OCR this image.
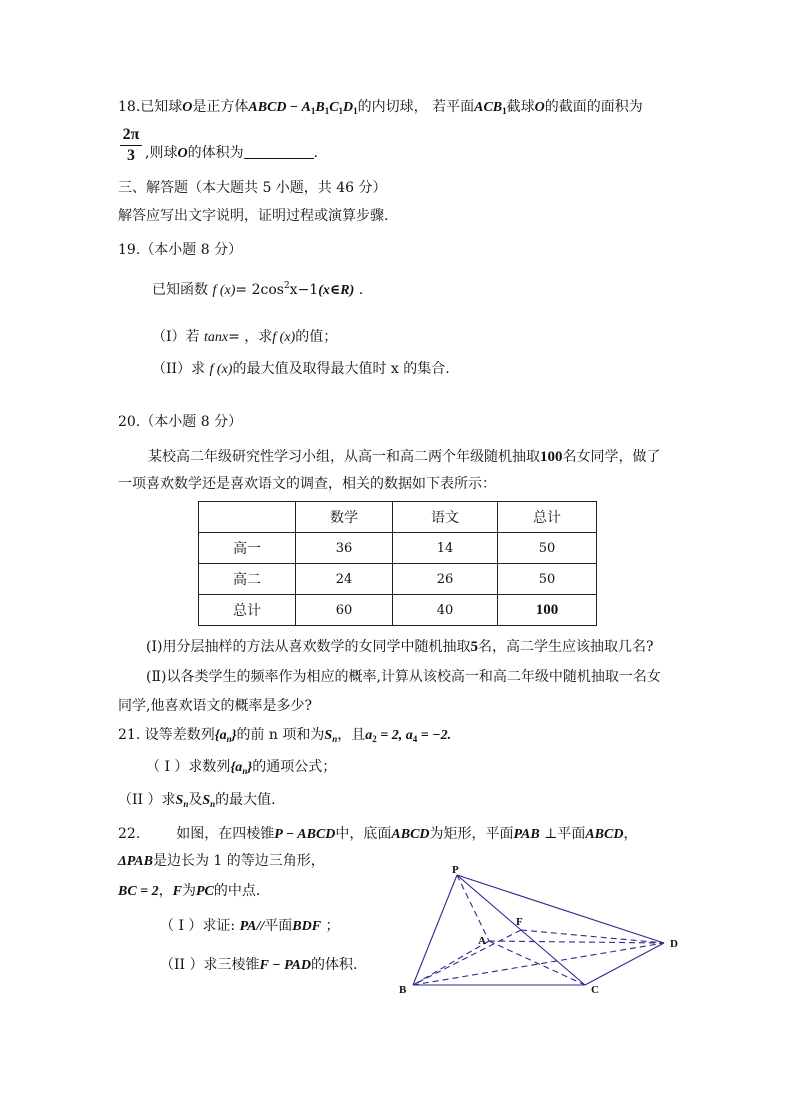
18.已知球O是正方体ABCD − $A_1B_1C_1D_1$的内切球， 若平面$ACB_1$截球O的截面的面积为
2π
3 ,则球O的体积为	.
三、解答题（本大题共 5 小题，共 46 分）
解答应写出文字说明，证明过程或演算步骤.
19.（本小题 8 分）
已知函数 f $(x)= 2\cos^2x-1(x\in R)$ .
（I）若 tanx= ，求f (x)的值；
（II）求 f (x)的最大值及取得最大值时 x 的集合.
20.（本小题 8 分）
某校高二年级研究性学习小组，从高一和高二两个年级随机抽取100名女同学，做了
一项喜欢数学还是喜欢语文的调查，相关的数据如下表所示：
	数学	语文	总计
高一	36	14	50
高二	24	26	50
总计	60	40	100
(Ⅰ)用分层抽样的方法从喜欢数学的女同学中随机抽取5名，高二学生应该抽取几名?
(Ⅱ)以各类学生的频率作为相应的概率,计算从该校高一和高二年级中随机抽取一名女
同学,他喜欢语文的概率是多少?
21. 设等差数列$\{a_n\}$的前 n 项和为$S_n$，且$a_2 = 2$, $a_4 = -2$.
（ I ）求数列$\{a_n\}$的通项公式；
（II ）求$S_n$及$S_n$的最大值.
22.	如图，在四棱锥P − ABCD中，底面ABCD为矩形，平面PAB ⊥平面ABCD，
ΔPAB是边长为 1 的等边三角形，
BC = 2，F为PC的中点.
（ I ）求证: PA//平面BDF ；
（II ）求三棱锥F − PAD的体积.
P
F
A	D
B	C
